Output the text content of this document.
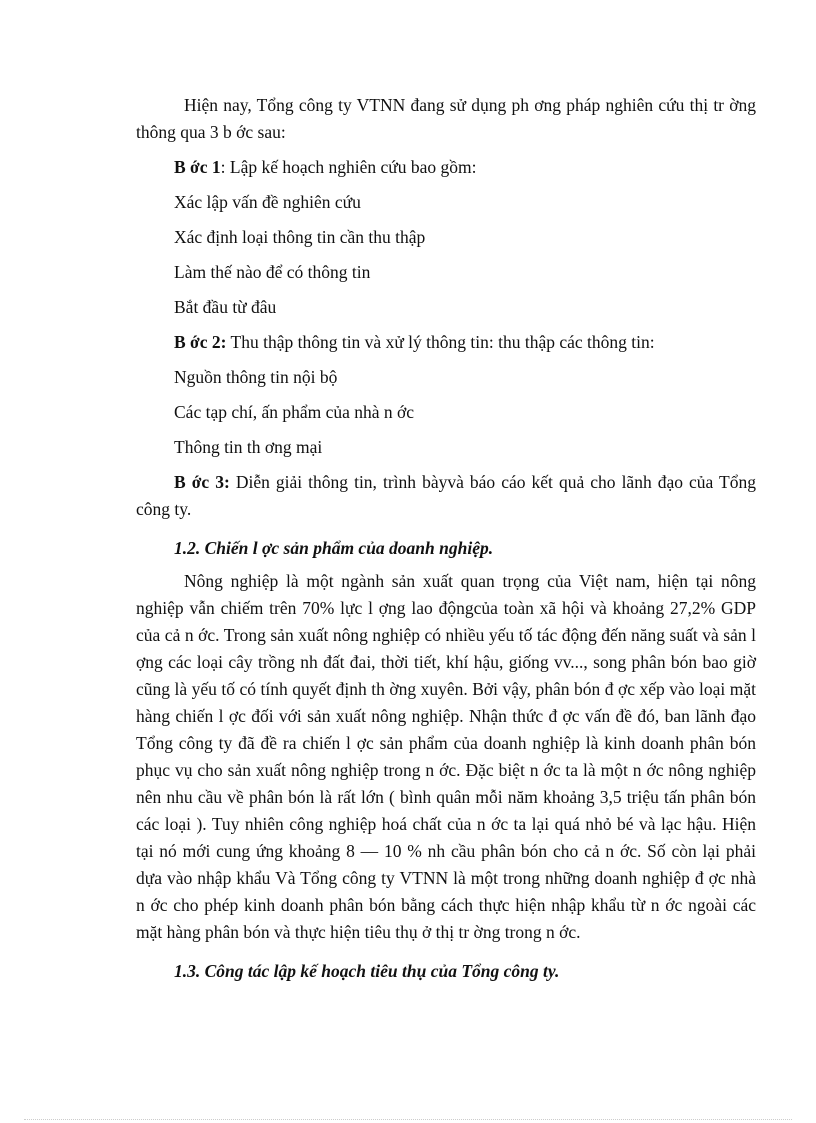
Hiện nay, Tổng công ty VTNN đang sử dụng ph ơng pháp nghiên cứu thị tr ờng thông qua 3 b ớc sau:

B ớc 1: Lập kế hoạch nghiên cứu bao gồm:

Xác lập vấn đề nghiên cứu

Xác định loại thông tin cần thu thập

Làm thế nào để có thông tin

Bắt đầu từ đâu

B ớc 2: Thu thập thông tin và xử lý thông tin: thu thập các thông tin:

Nguồn thông tin nội bộ

Các tạp chí, ấn phẩm của nhà n ớc

Thông tin th ơng mại

B ớc 3: Diễn giải thông tin, trình bàyvà báo cáo kết quả cho lãnh đạo của Tổng công ty.

1.2. Chiến l ợc sản phẩm của doanh nghiệp.

Nông nghiệp là một ngành sản xuất quan trọng của Việt nam, hiện tại nông nghiệp vẫn chiếm trên 70% lực l ợng lao độngcủa toàn xã hội và khoảng 27,2% GDP của cả n ớc. Trong sản xuất nông nghiệp có nhiều yếu tố tác động đến năng suất và sản l ợng các loại cây trồng nh đất đai, thời tiết, khí hậu, giống vv..., song phân bón bao giờ cũng là yếu tố có tính quyết định th ờng xuyên. Bởi vậy, phân bón đ ợc xếp vào loại mặt hàng chiến l ợc đối với sản xuất nông nghiệp. Nhận thức đ ợc vấn đề đó, ban lãnh đạo Tổng công ty đã đề ra chiến l ợc sản phẩm của doanh nghiệp là kinh doanh phân bón phục vụ cho sản xuất nông nghiệp trong n ớc. Đặc biệt n ớc ta là một n ớc nông nghiệp nên nhu cầu về phân bón là rất lớn ( bình quân mỗi năm khoảng 3,5 triệu tấn phân bón các loại ). Tuy nhiên công nghiệp hoá chất của n ớc ta lại quá nhỏ bé và lạc hậu. Hiện tại nó mới cung ứng khoảng 8 — 10 % nh cầu phân bón cho cả n ớc. Số còn lại phải dựa vào nhập khẩu Và Tổng công ty VTNN là một trong những doanh nghiệp đ ợc nhà n ớc cho phép kinh doanh phân bón bằng cách thực hiện nhập khẩu từ n ớc ngoài các mặt hàng phân bón và thực hiện tiêu thụ ở thị tr ờng trong n ớc.

1.3. Công tác lập kế hoạch tiêu thụ của Tổng công ty.
